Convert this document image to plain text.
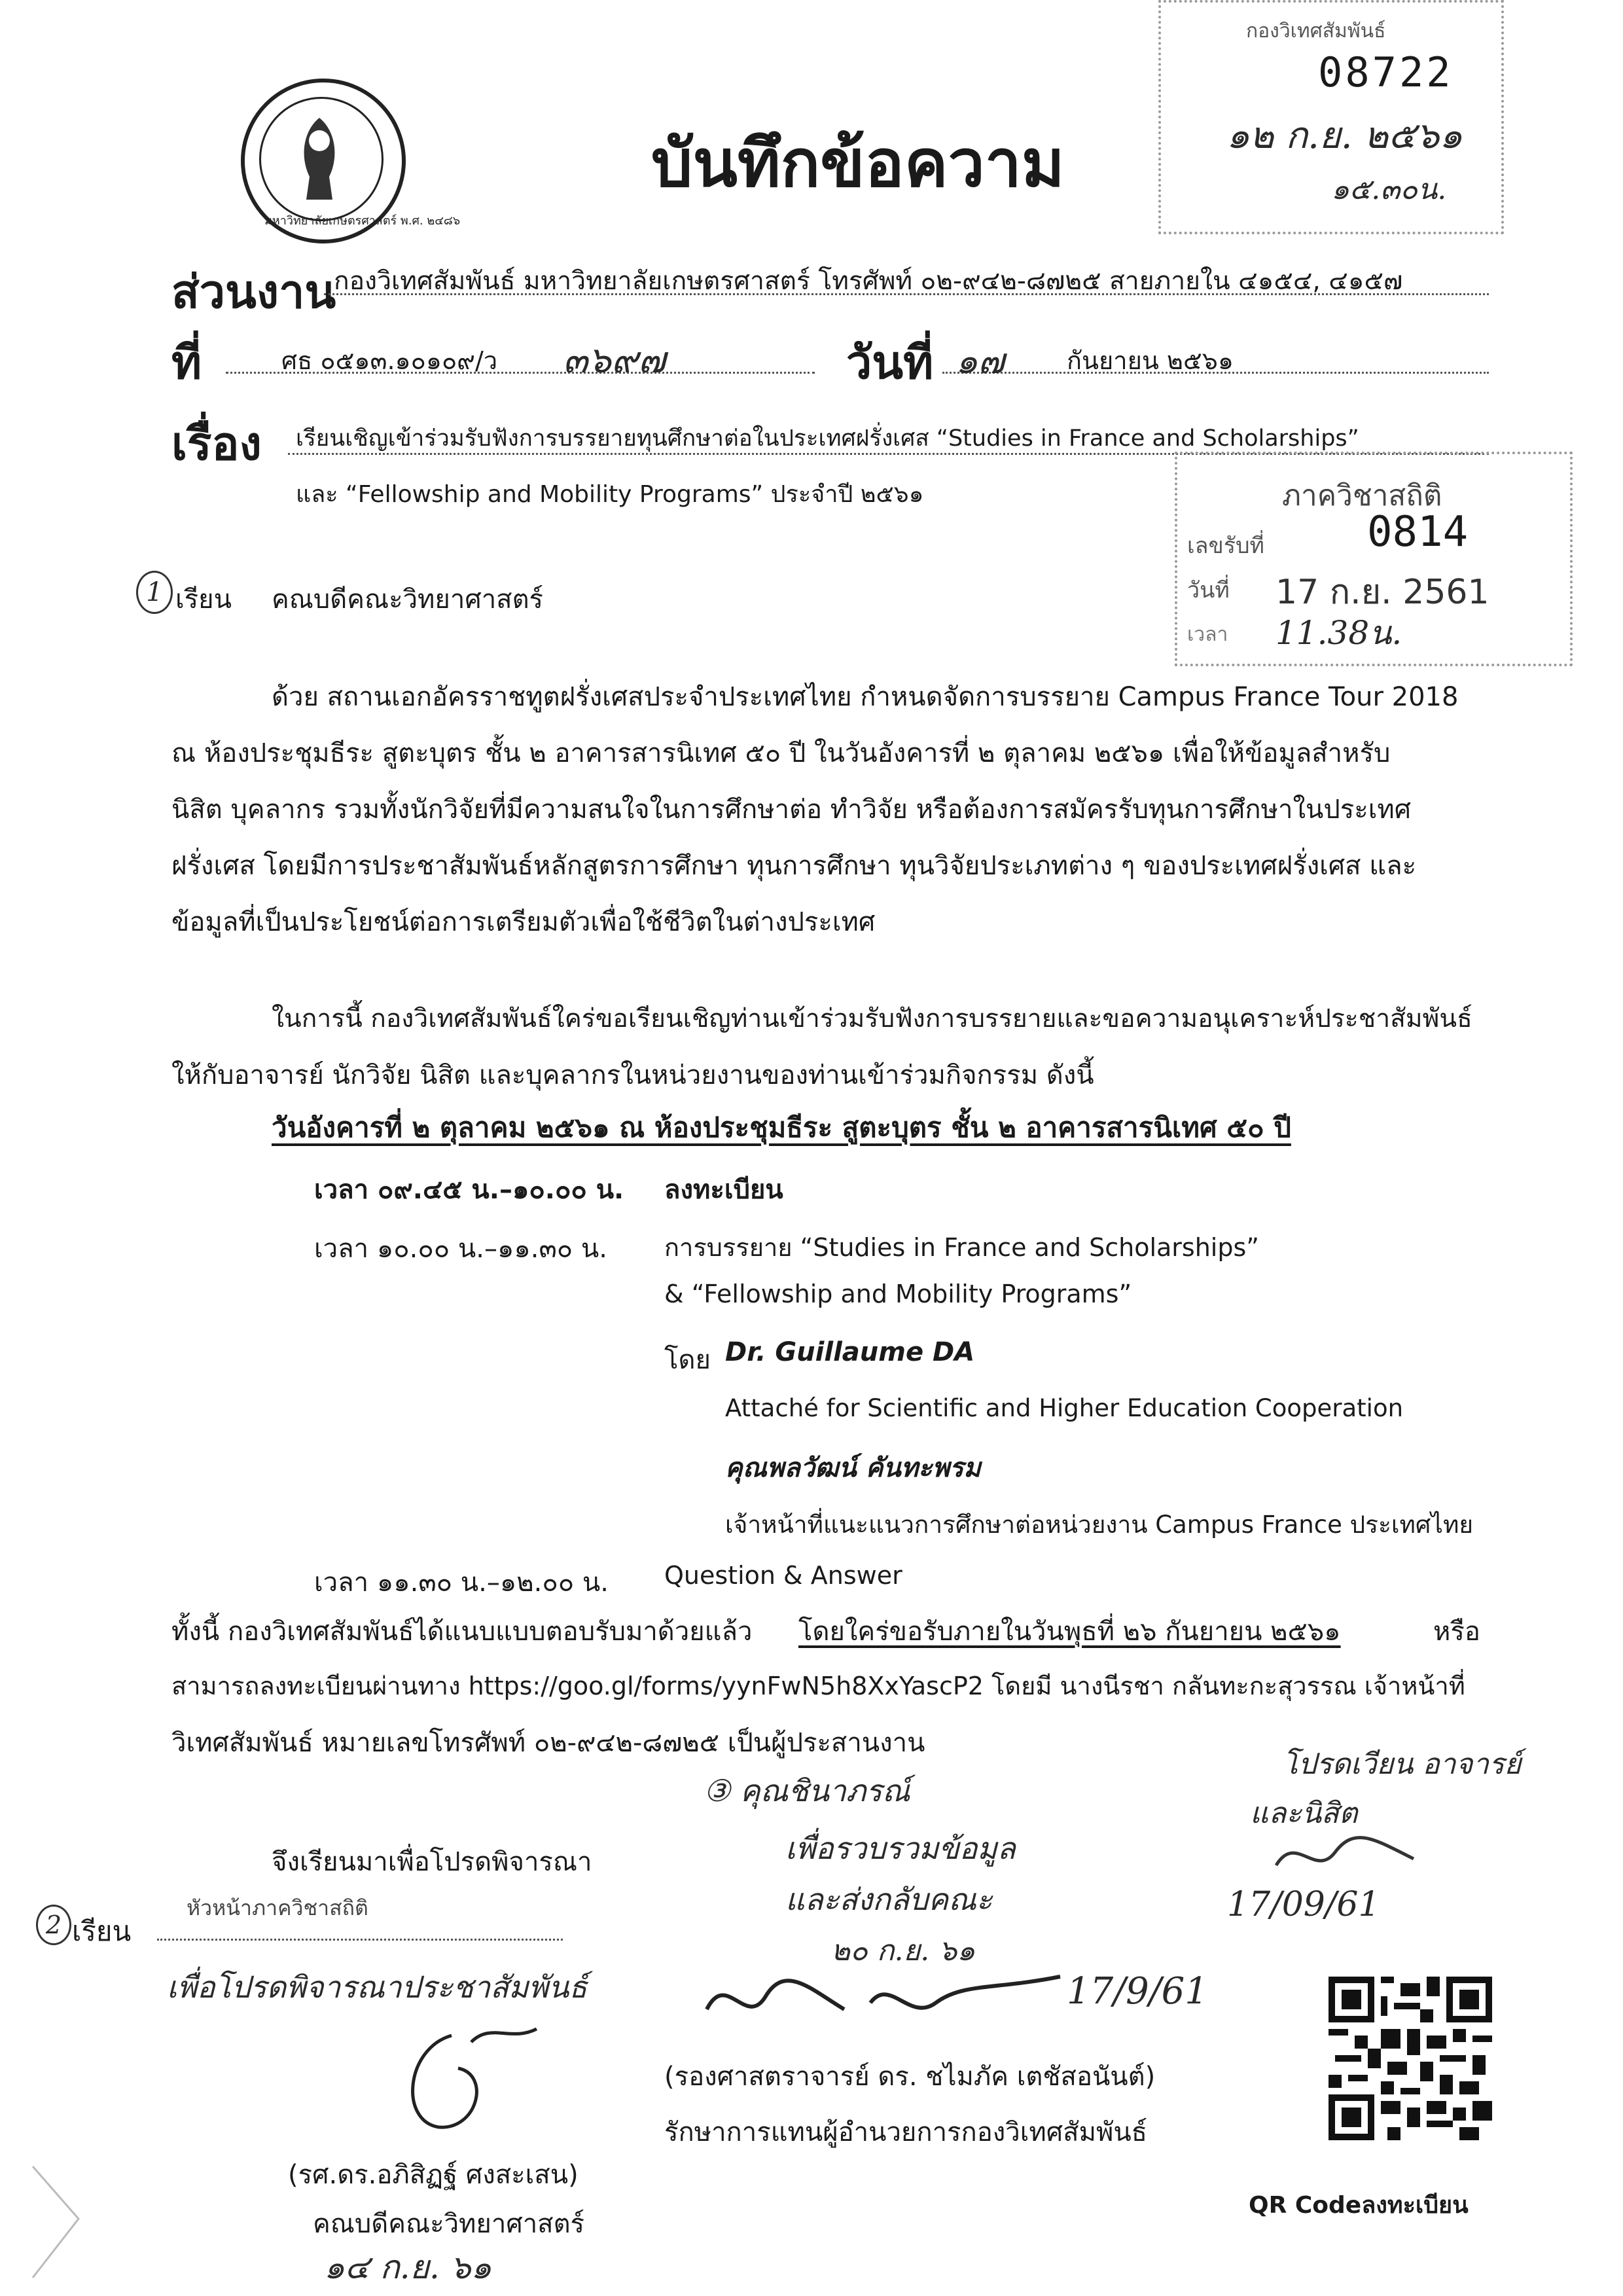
มหาวิทยาลัยเกษตรศาสตร์ พ.ศ. ๒๔๘๖
บันทึกข้อความ
กองวิเทศสัมพันธ์
08722
๑๒ ก.ย. ๒๕๖๑
๑๕.๓๐น.
ส่วนงาน
กองวิเทศสัมพันธ์ มหาวิทยาลัยเกษตรศาสตร์ โทรศัพท์ ๐๒-๙๔๒-๘๗๒๕ สายภายใน ๔๑๕๔, ๔๑๕๗
ที่	ศธ ๐๕๑๓.๑๐๑๐๙/ว ๓๖๙๗	วันที่ ๑๗	กันยายน ๒๕๖๑
เรื่อง เรียนเชิญเข้าร่วมรับฟังการบรรยายทุนศึกษาต่อในประเทศฝรั่งเศส “Studies in France and Scholarships”
และ “Fellowship and Mobility Programs” ประจำปี ๒๕๖๑	ภาควิชาสถิติ
เลขรับที่ 0814
วันที่ 17 ก.ย. 2561
เวลา 11.38น.
1 เรียน คณบดีคณะวิทยาศาสตร์
ด้วย สถานเอกอัครราชทูตฝรั่งเศสประจำประเทศไทย กำหนดจัดการบรรยาย Campus France Tour 2018
ณ ห้องประชุมธีระ สูตะบุตร ชั้น ๒ อาคารสารนิเทศ ๕๐ ปี ในวันอังคารที่ ๒ ตุลาคม ๒๕๖๑ เพื่อให้ข้อมูลสำหรับ
นิสิต บุคลากร รวมทั้งนักวิจัยที่มีความสนใจในการศึกษาต่อ ทำวิจัย หรือต้องการสมัครรับทุนการศึกษาในประเทศ
ฝรั่งเศส โดยมีการประชาสัมพันธ์หลักสูตรการศึกษา ทุนการศึกษา ทุนวิจัยประเภทต่าง ๆ ของประเทศฝรั่งเศส และ
ข้อมูลที่เป็นประโยชน์ต่อการเตรียมตัวเพื่อใช้ชีวิตในต่างประเทศ
ในการนี้ กองวิเทศสัมพันธ์ใคร่ขอเรียนเชิญท่านเข้าร่วมรับฟังการบรรยายและขอความอนุเคราะห์ประชาสัมพันธ์
ให้กับอาจารย์ นักวิจัย นิสิต และบุคลากรในหน่วยงานของท่านเข้าร่วมกิจกรรม ดังนี้
วันอังคารที่ ๒ ตุลาคม ๒๕๖๑ ณ ห้องประชุมธีระ สูตะบุตร ชั้น ๒ อาคารสารนิเทศ ๕๐ ปี
เวลา ๐๙.๔๕ น.–๑๐.๐๐ น. ลงทะเบียน
เวลา ๑๐.๐๐ น.–๑๑.๓๐ น. การบรรยาย “Studies in France and Scholarships”
& “Fellowship and Mobility Programs”
โดย Dr. Guillaume DA
Attaché for Scientific and Higher Education Cooperation
คุณพลวัฒน์ คันทะพรม
เจ้าหน้าที่แนะแนวการศึกษาต่อหน่วยงาน Campus France ประเทศไทย
เวลา ๑๑.๓๐ น.–๑๒.๐๐ น. Question & Answer
ทั้งนี้ กองวิเทศสัมพันธ์ได้แนบแบบตอบรับมาด้วยแล้ว โดยใคร่ขอรับภายในวันพุธที่ ๒๖ กันยายน ๒๕๖๑	หรือ
สามารถลงทะเบียนผ่านทาง https://goo.gl/forms/yynFwN5h8XxYascP2 โดยมี นางนีรชา กลันทะกะสุวรรณ เจ้าหน้าที่
วิเทศสัมพันธ์ หมายเลขโทรศัพท์ ๐๒-๙๔๒-๘๗๒๕ เป็นผู้ประสานงาน
จึงเรียนมาเพื่อโปรดพิจารณา
③ คุณชินาภรณ์
เพื่อรวบรวมข้อมูล
และส่งกลับคณะ
๒๐ ก.ย. ๖๑
โปรดเวียน อาจารย์
และนิสิต
17/09/61
2 เรียน
หัวหน้าภาควิชาสถิติ
เพื่อโปรดพิจารณาประชาสัมพันธ์
(รศ.ดร.อภิสิฏฐ์ ศงสะเสน)
คณบดีคณะวิทยาศาสตร์
๑๔ ก.ย. ๖๑
17/9/61
(รองศาสตราจารย์ ดร. ชไมภัค เตชัสอนันต์)
รักษาการแทนผู้อำนวยการกองวิเทศสัมพันธ์
QR Codeลงทะเบียน
